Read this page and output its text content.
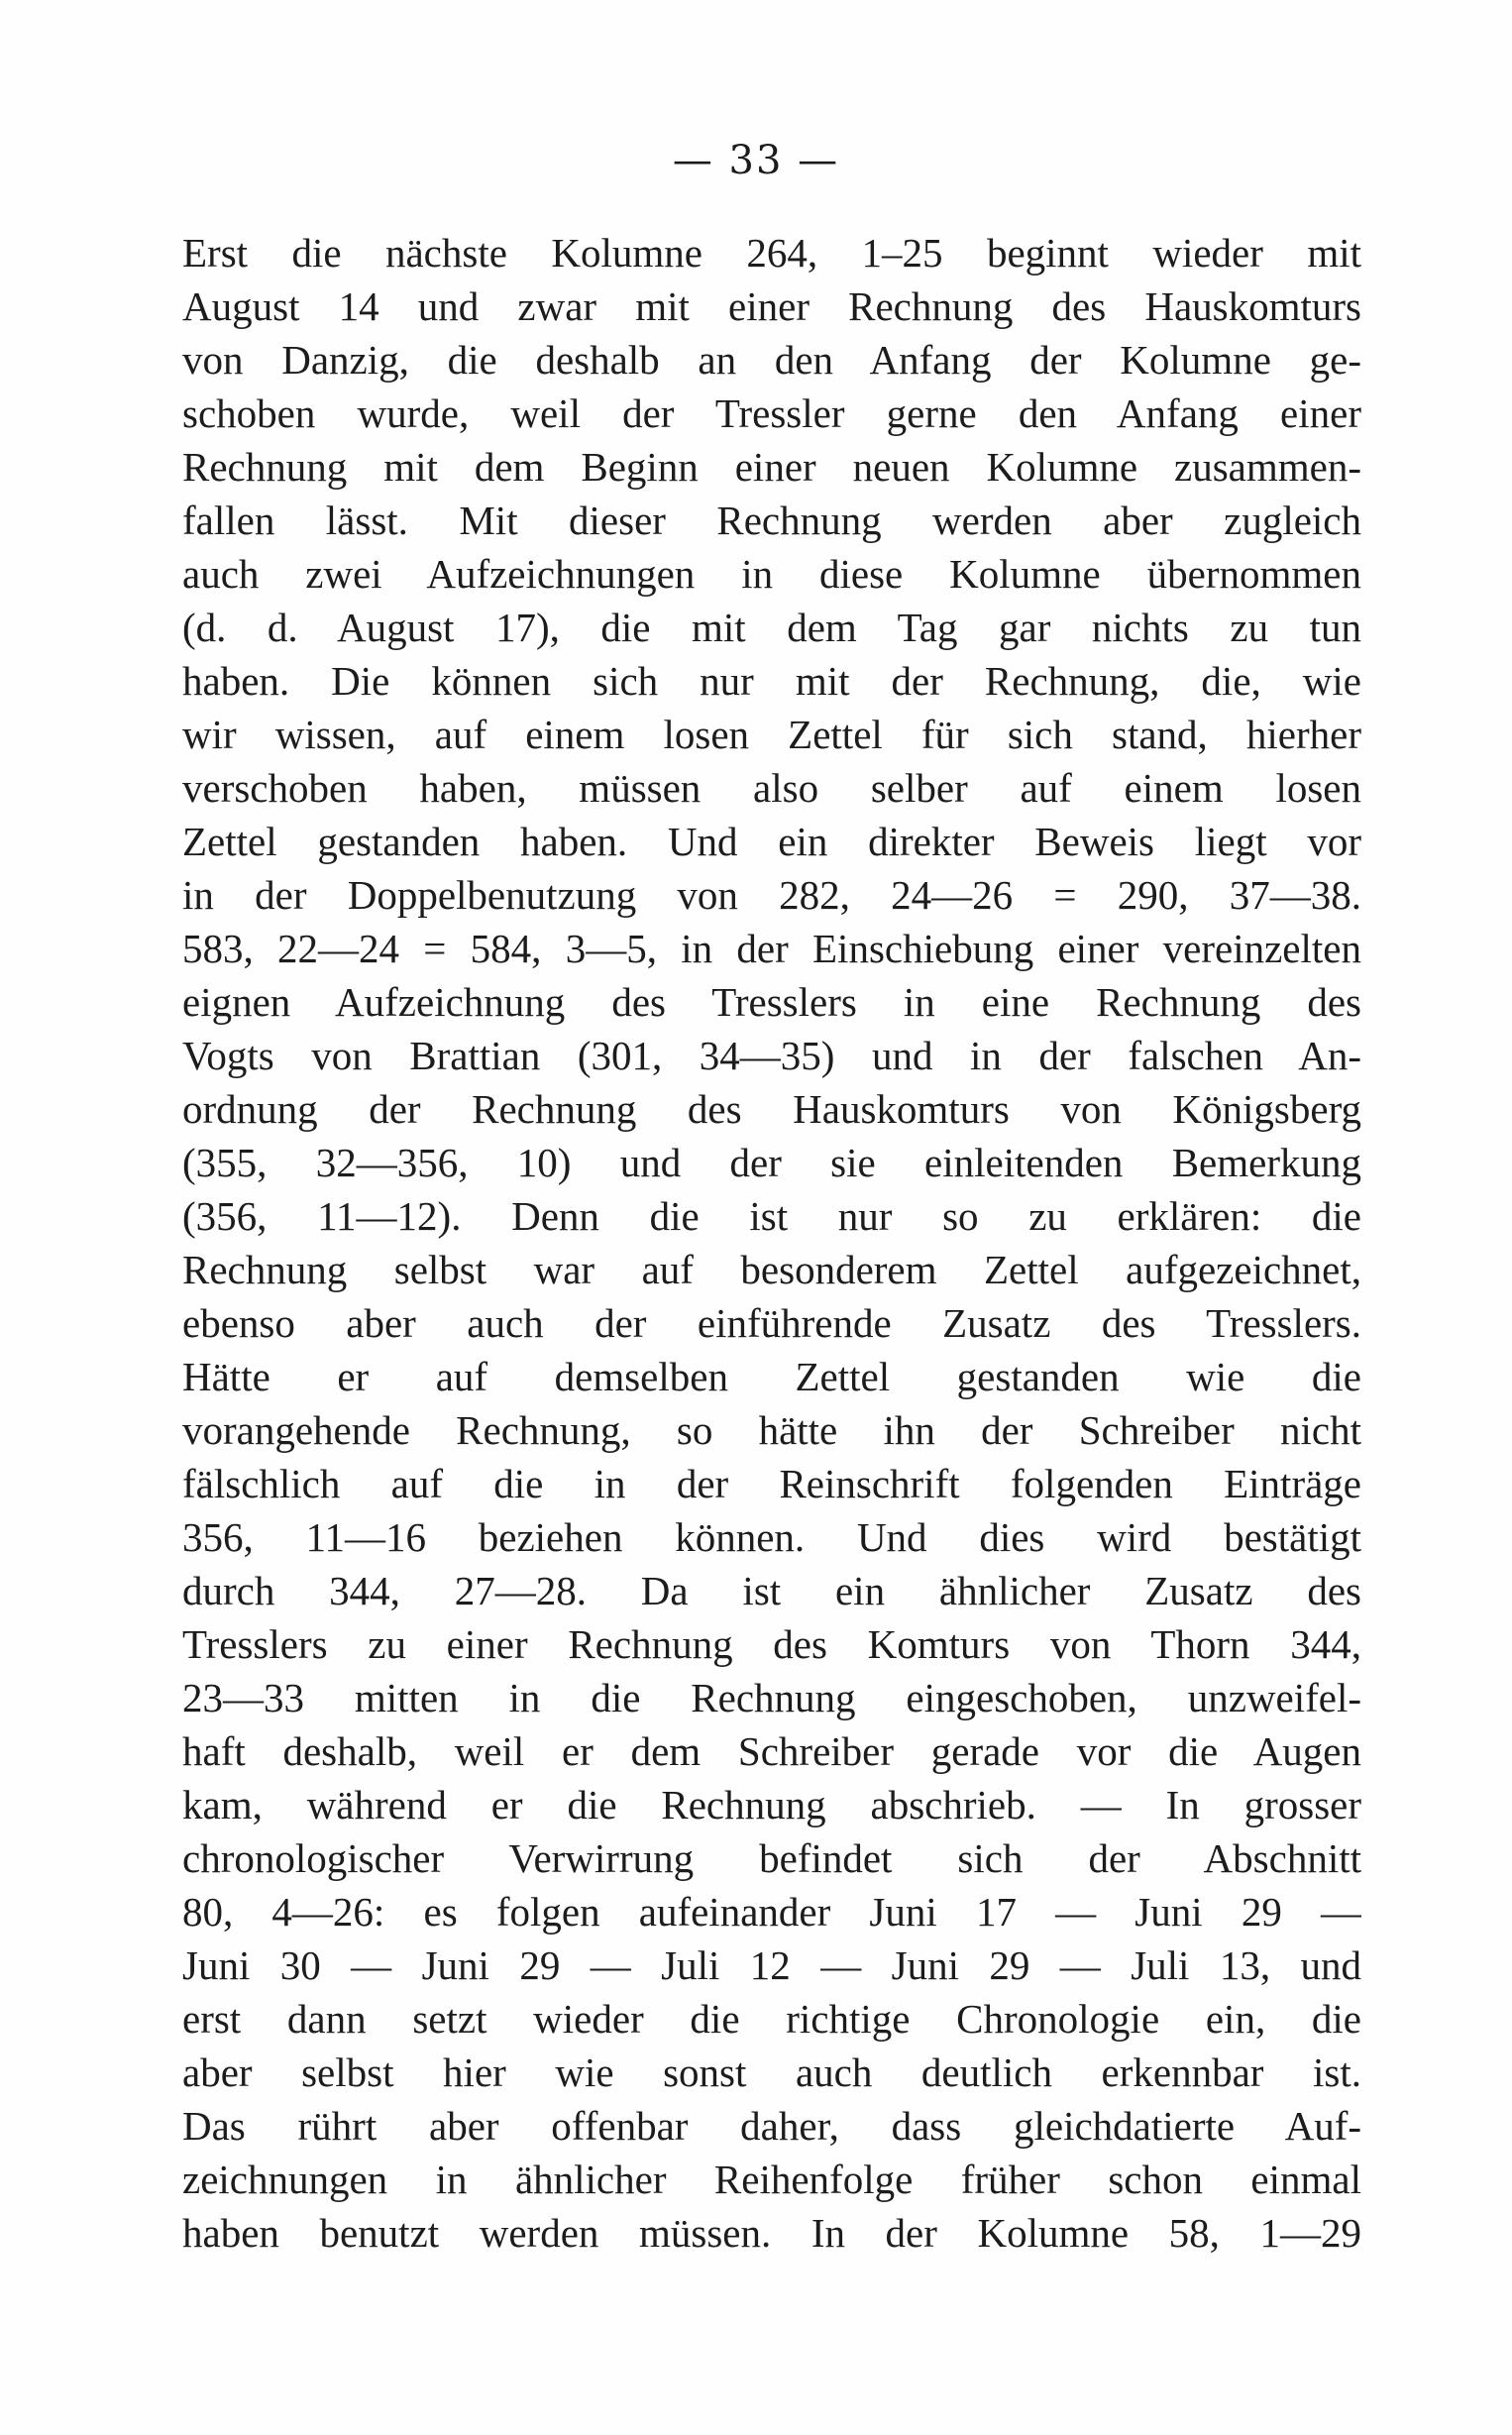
— 33 —
Erst die nächste Kolumne 264, 1–25 beginnt wieder mit
August 14 und zwar mit einer Rechnung des Hauskomturs
von Danzig, die deshalb an den Anfang der Kolumne ge-
schoben wurde, weil der Tressler gerne den Anfang einer
Rechnung mit dem Beginn einer neuen Kolumne zusammen-
fallen lässt. Mit dieser Rechnung werden aber zugleich
auch zwei Aufzeichnungen in diese Kolumne übernommen
(d. d. August 17), die mit dem Tag gar nichts zu tun
haben. Die können sich nur mit der Rechnung, die, wie
wir wissen, auf einem losen Zettel für sich stand, hierher
verschoben haben, müssen also selber auf einem losen
Zettel gestanden haben. Und ein direkter Beweis liegt vor
in der Doppelbenutzung von 282, 24—26 = 290, 37—38.
583, 22—24 = 584, 3—5, in der Einschiebung einer vereinzelten
eignen Aufzeichnung des Tresslers in eine Rechnung des
Vogts von Brattian (301, 34—35) und in der falschen An-
ordnung der Rechnung des Hauskomturs von Königsberg
(355, 32—356, 10) und der sie einleitenden Bemerkung
(356, 11—12). Denn die ist nur so zu erklären: die
Rechnung selbst war auf besonderem Zettel aufgezeichnet,
ebenso aber auch der einführende Zusatz des Tresslers.
Hätte er auf demselben Zettel gestanden wie die
vorangehende Rechnung, so hätte ihn der Schreiber nicht
fälschlich auf die in der Reinschrift folgenden Einträge
356, 11—16 beziehen können. Und dies wird bestätigt
durch 344, 27—28. Da ist ein ähnlicher Zusatz des
Tresslers zu einer Rechnung des Komturs von Thorn 344,
23—33 mitten in die Rechnung eingeschoben, unzweifel-
haft deshalb, weil er dem Schreiber gerade vor die Augen
kam, während er die Rechnung abschrieb. — In grosser
chronologischer Verwirrung befindet sich der Abschnitt
80, 4—26: es folgen aufeinander Juni 17 — Juni 29 —
Juni 30 — Juni 29 — Juli 12 — Juni 29 — Juli 13, und
erst dann setzt wieder die richtige Chronologie ein, die
aber selbst hier wie sonst auch deutlich erkennbar ist.
Das rührt aber offenbar daher, dass gleichdatierte Auf-
zeichnungen in ähnlicher Reihenfolge früher schon einmal
haben benutzt werden müssen. In der Kolumne 58, 1—29
